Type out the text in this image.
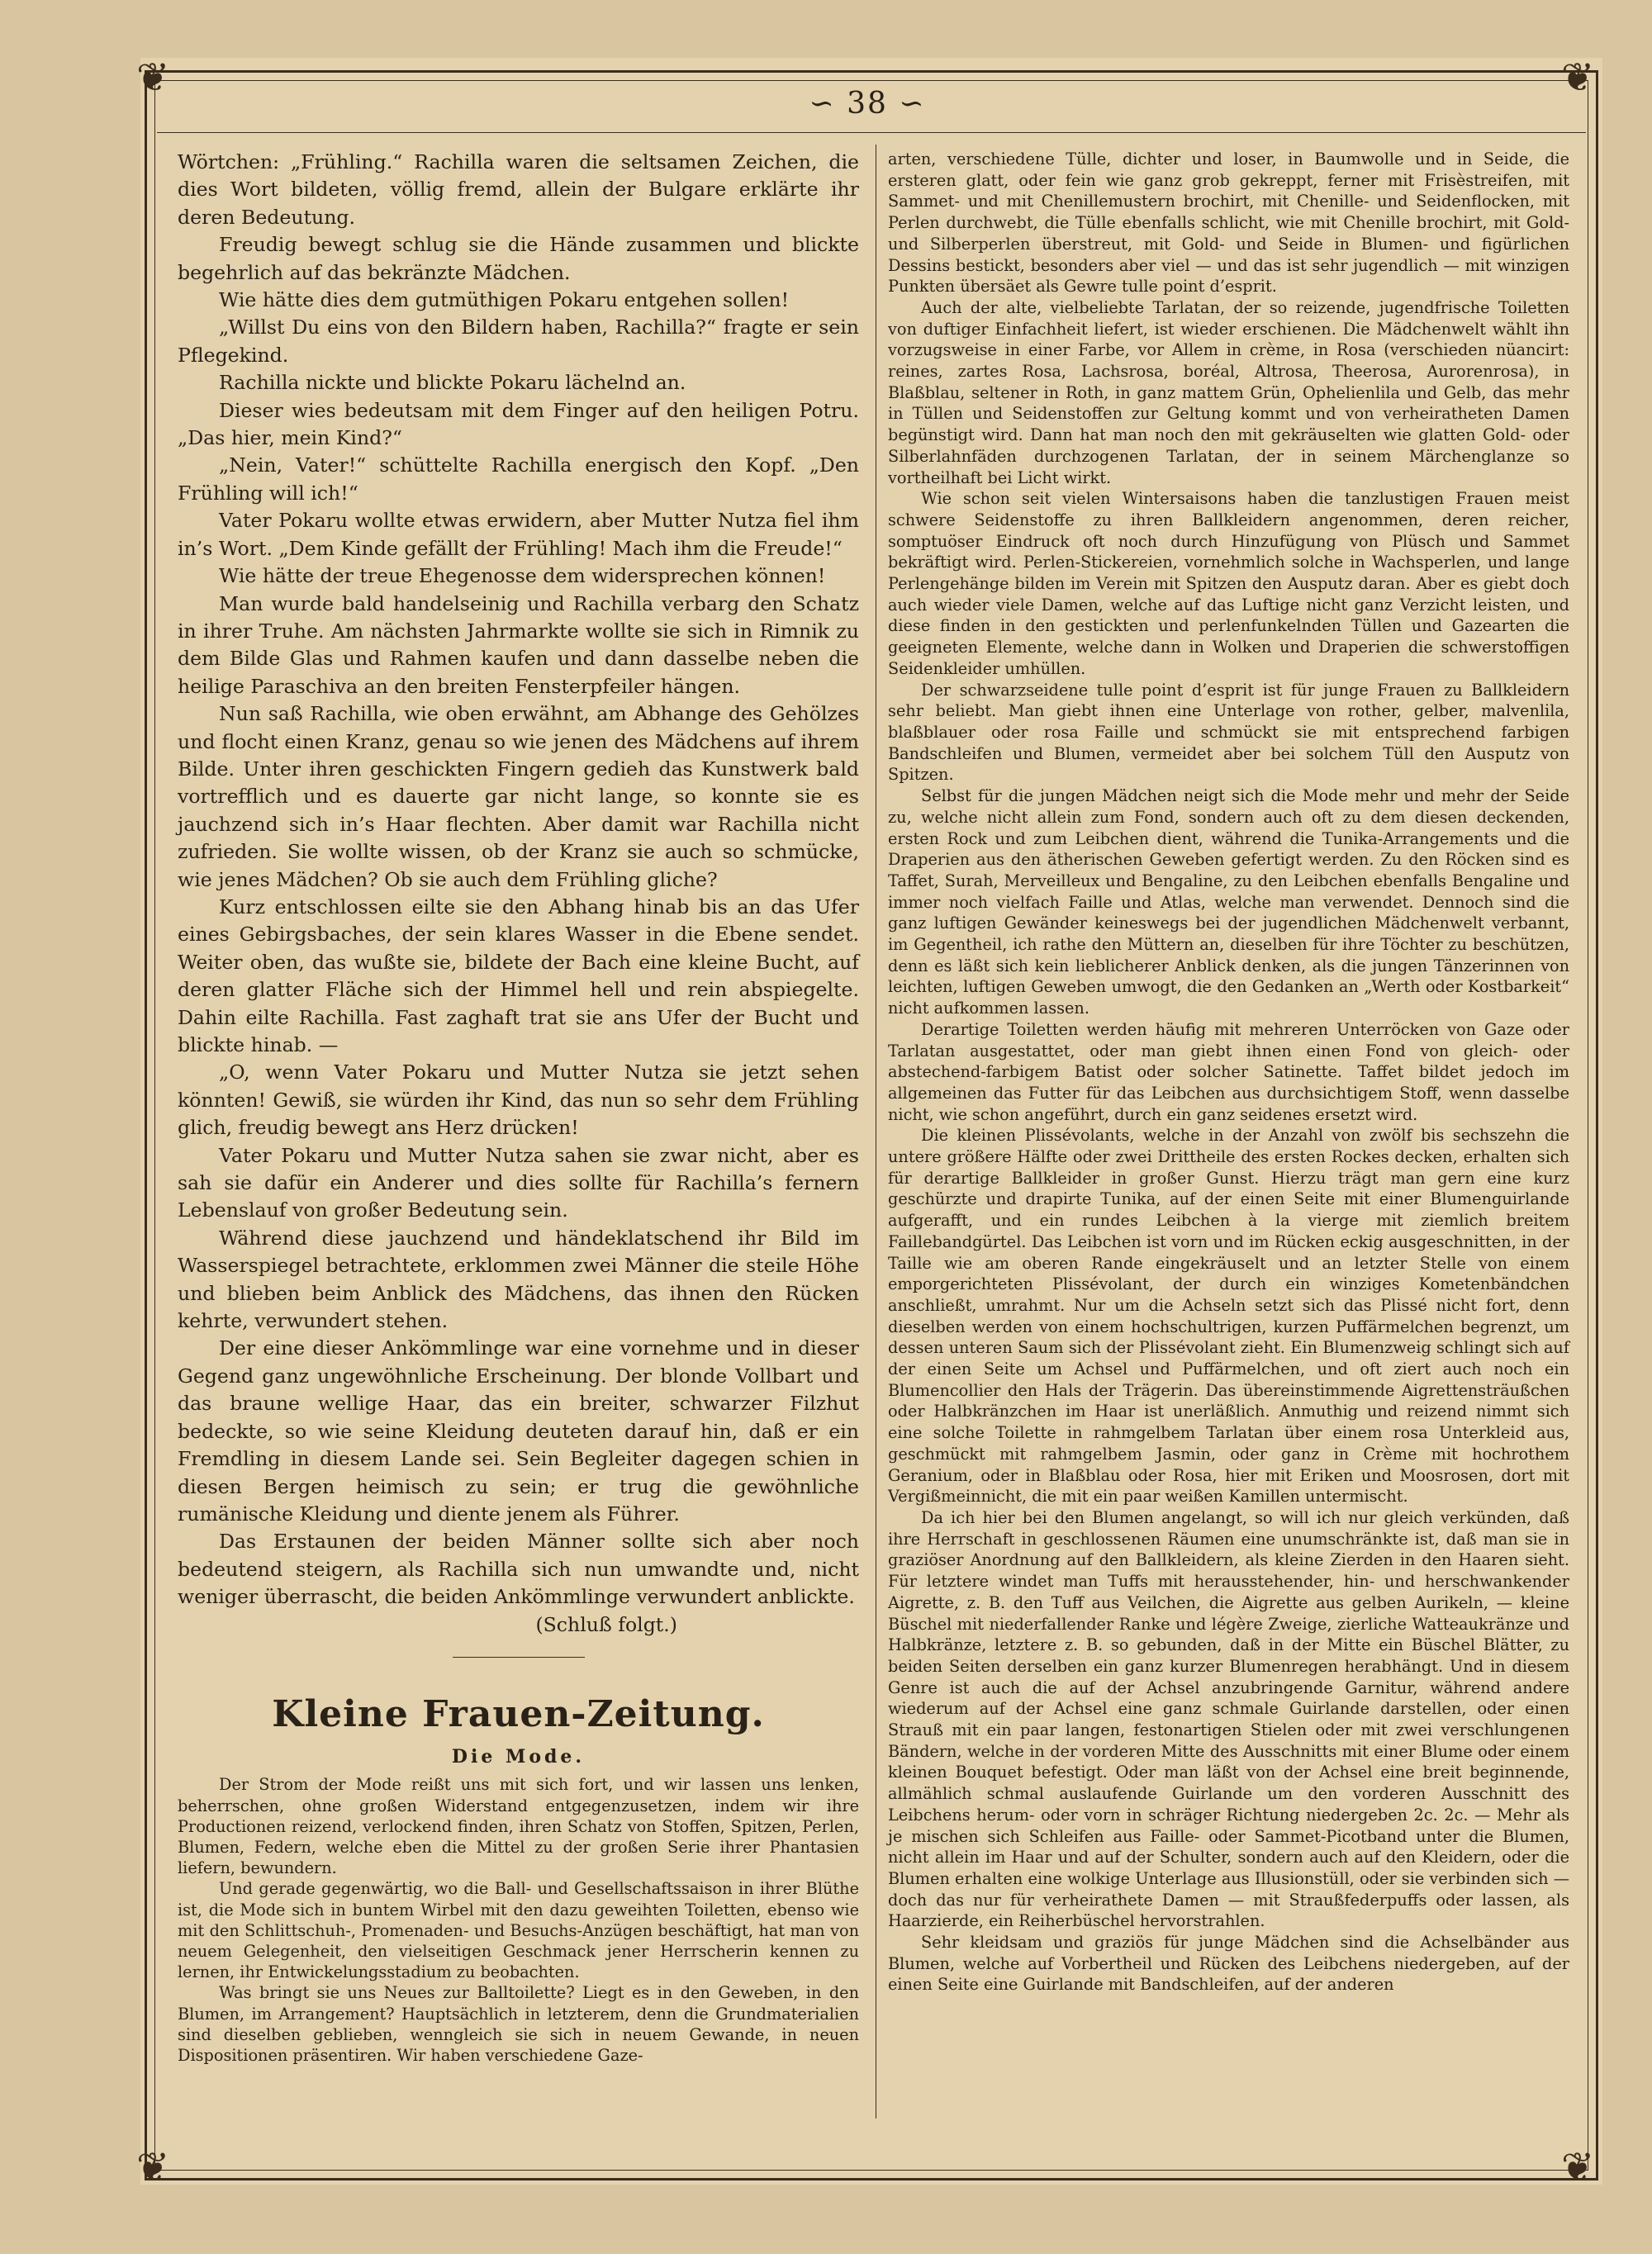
❦	❦
❦	❦
∽ 38 ∽

Wörtchen: „Frühling.“ Rachilla waren die seltsamen Zeichen, die dies Wort bildeten, völlig fremd, allein der Bulgare erklärte ihr deren Bedeutung.

Freudig bewegt schlug sie die Hände zusammen und blickte begehrlich auf das bekränzte Mädchen.

Wie hätte dies dem gutmüthigen Pokaru entgehen sollen!

„Willst Du eins von den Bildern haben, Rachilla?“ fragte er sein Pflegekind.

Rachilla nickte und blickte Pokaru lächelnd an.

Dieser wies bedeutsam mit dem Finger auf den heiligen Potru. „Das hier, mein Kind?“

„Nein, Vater!“ schüttelte Rachilla energisch den Kopf. „Den Frühling will ich!“

Vater Pokaru wollte etwas erwidern, aber Mutter Nutza fiel ihm in’s Wort. „Dem Kinde gefällt der Frühling! Mach ihm die Freude!“

Wie hätte der treue Ehegenosse dem widersprechen können!

Man wurde bald handelseinig und Rachilla verbarg den Schatz in ihrer Truhe. Am nächsten Jahrmarkte wollte sie sich in Rimnik zu dem Bilde Glas und Rahmen kaufen und dann dasselbe neben die heilige Paraschiva an den breiten Fensterpfeiler hängen.

Nun saß Rachilla, wie oben erwähnt, am Abhange des Gehölzes und flocht einen Kranz, genau so wie jenen des Mädchens auf ihrem Bilde. Unter ihren geschickten Fingern gedieh das Kunstwerk bald vortrefflich und es dauerte gar nicht lange, so konnte sie es jauchzend sich in’s Haar flechten. Aber damit war Rachilla nicht zufrieden. Sie wollte wissen, ob der Kranz sie auch so schmücke, wie jenes Mädchen? Ob sie auch dem Frühling gliche?

Kurz entschlossen eilte sie den Abhang hinab bis an das Ufer eines Gebirgsbaches, der sein klares Wasser in die Ebene sendet. Weiter oben, das wußte sie, bildete der Bach eine kleine Bucht, auf deren glatter Fläche sich der Himmel hell und rein abspiegelte. Dahin eilte Rachilla. Fast zaghaft trat sie ans Ufer der Bucht und blickte hinab. —

„O, wenn Vater Pokaru und Mutter Nutza sie jetzt sehen könnten! Gewiß, sie würden ihr Kind, das nun so sehr dem Frühling glich, freudig bewegt ans Herz drücken!

Vater Pokaru und Mutter Nutza sahen sie zwar nicht, aber es sah sie dafür ein Anderer und dies sollte für Rachilla’s fernern Lebenslauf von großer Bedeutung sein.

Während diese jauchzend und händeklatschend ihr Bild im Wasserspiegel betrachtete, erklommen zwei Männer die steile Höhe und blieben beim Anblick des Mädchens, das ihnen den Rücken kehrte, verwundert stehen.

Der eine dieser Ankömmlinge war eine vornehme und in dieser Gegend ganz ungewöhnliche Erscheinung. Der blonde Vollbart und das braune wellige Haar, das ein breiter, schwarzer Filzhut bedeckte, so wie seine Kleidung deuteten darauf hin, daß er ein Fremdling in diesem Lande sei. Sein Begleiter dagegen schien in diesen Bergen heimisch zu sein; er trug die gewöhnliche rumänische Kleidung und diente jenem als Führer.

Das Erstaunen der beiden Männer sollte sich aber noch bedeutend steigern, als Rachilla sich nun umwandte und, nicht weniger überrascht, die beiden Ankömmlinge verwundert anblickte.

(Schluß folgt.)

Kleine Frauen-Zeitung.
Die Mode.

Der Strom der Mode reißt uns mit sich fort, und wir lassen uns lenken, beherrschen, ohne großen Widerstand entgegenzusetzen, indem wir ihre Productionen reizend, verlockend finden, ihren Schatz von Stoffen, Spitzen, Perlen, Blumen, Federn, welche eben die Mittel zu der großen Serie ihrer Phantasien liefern, bewundern.

Und gerade gegenwärtig, wo die Ball- und Gesellschaftssaison in ihrer Blüthe ist, die Mode sich in buntem Wirbel mit den dazu geweihten Toiletten, ebenso wie mit den Schlittschuh-, Promenaden- und Besuchs-Anzügen beschäftigt, hat man von neuem Gelegenheit, den vielseitigen Geschmack jener Herrscherin kennen zu lernen, ihr Entwickelungsstadium zu beobachten.

Was bringt sie uns Neues zur Balltoilette? Liegt es in den Geweben, in den Blumen, im Arrangement? Hauptsächlich in letzterem, denn die Grundmaterialien sind dieselben geblieben, wenngleich sie sich in neuem Gewande, in neuen Dispositionen präsentiren. Wir haben verschiedene Gaze-

arten, verschiedene Tülle, dichter und loser, in Baumwolle und in Seide, die ersteren glatt, oder fein wie ganz grob gekreppt, ferner mit Frisèstreifen, mit Sammet- und mit Chenillemustern brochirt, mit Chenille- und Seidenflocken, mit Perlen durchwebt, die Tülle ebenfalls schlicht, wie mit Chenille brochirt, mit Gold- und Silberperlen überstreut, mit Gold- und Seide in Blumen- und figürlichen Dessins bestickt, besonders aber viel — und das ist sehr jugendlich — mit winzigen Punkten übersäet als Gewre tulle point d’esprit.

Auch der alte, vielbeliebte Tarlatan, der so reizende, jugendfrische Toiletten von duftiger Einfachheit liefert, ist wieder erschienen. Die Mädchenwelt wählt ihn vorzugsweise in einer Farbe, vor Allem in crème, in Rosa (verschieden nüancirt: reines, zartes Rosa, Lachsrosa, boréal, Altrosa, Theerosa, Aurorenrosa), in Blaßblau, seltener in Roth, in ganz mattem Grün, Ophelienlila und Gelb, das mehr in Tüllen und Seidenstoffen zur Geltung kommt und von verheiratheten Damen begünstigt wird. Dann hat man noch den mit gekräuselten wie glatten Gold- oder Silberlahnfäden durchzogenen Tarlatan, der in seinem Märchenglanze so vortheilhaft bei Licht wirkt.

Wie schon seit vielen Wintersaisons haben die tanzlustigen Frauen meist schwere Seidenstoffe zu ihren Ballkleidern angenommen, deren reicher, somptuöser Eindruck oft noch durch Hinzufügung von Plüsch und Sammet bekräftigt wird. Perlen-Stickereien, vornehmlich solche in Wachsperlen, und lange Perlengehänge bilden im Verein mit Spitzen den Ausputz daran. Aber es giebt doch auch wieder viele Damen, welche auf das Luftige nicht ganz Verzicht leisten, und diese finden in den gestickten und perlenfunkelnden Tüllen und Gazearten die geeigneten Elemente, welche dann in Wolken und Draperien die schwerstoffigen Seidenkleider umhüllen.

Der schwarzseidene tulle point d’esprit ist für junge Frauen zu Ballkleidern sehr beliebt. Man giebt ihnen eine Unterlage von rother, gelber, malvenlila, blaßblauer oder rosa Faille und schmückt sie mit entsprechend farbigen Bandschleifen und Blumen, vermeidet aber bei solchem Tüll den Ausputz von Spitzen.

Selbst für die jungen Mädchen neigt sich die Mode mehr und mehr der Seide zu, welche nicht allein zum Fond, sondern auch oft zu dem diesen deckenden, ersten Rock und zum Leibchen dient, während die Tunika-Arrangements und die Draperien aus den ätherischen Geweben gefertigt werden. Zu den Röcken sind es Taffet, Surah, Merveilleux und Bengaline, zu den Leibchen ebenfalls Bengaline und immer noch vielfach Faille und Atlas, welche man verwendet. Dennoch sind die ganz luftigen Gewänder keineswegs bei der jugendlichen Mädchenwelt verbannt, im Gegentheil, ich rathe den Müttern an, dieselben für ihre Töchter zu beschützen, denn es läßt sich kein lieblicherer Anblick denken, als die jungen Tänzerinnen von leichten, luftigen Geweben umwogt, die den Gedanken an „Werth oder Kostbarkeit“ nicht aufkommen lassen.

Derartige Toiletten werden häufig mit mehreren Unterröcken von Gaze oder Tarlatan ausgestattet, oder man giebt ihnen einen Fond von gleich- oder abstechend-farbigem Batist oder solcher Satinette. Taffet bildet jedoch im allgemeinen das Futter für das Leibchen aus durchsichtigem Stoff, wenn dasselbe nicht, wie schon angeführt, durch ein ganz seidenes ersetzt wird.

Die kleinen Plissévolants, welche in der Anzahl von zwölf bis sechszehn die untere größere Hälfte oder zwei Drittheile des ersten Rockes decken, erhalten sich für derartige Ballkleider in großer Gunst. Hierzu trägt man gern eine kurz geschürzte und drapirte Tunika, auf der einen Seite mit einer Blumenguirlande aufgerafft, und ein rundes Leibchen à la vierge mit ziemlich breitem Faillebandgürtel. Das Leibchen ist vorn und im Rücken eckig ausgeschnitten, in der Taille wie am oberen Rande eingekräuselt und an letzter Stelle von einem emporgerichteten Plissévolant, der durch ein winziges Kometenbändchen anschließt, umrahmt. Nur um die Achseln setzt sich das Plissé nicht fort, denn dieselben werden von einem hochschultrigen, kurzen Puffärmelchen begrenzt, um dessen unteren Saum sich der Plissévolant zieht. Ein Blumenzweig schlingt sich auf der einen Seite um Achsel und Puffärmelchen, und oft ziert auch noch ein Blumencollier den Hals der Trägerin. Das übereinstimmende Aigrettensträußchen oder Halbkränzchen im Haar ist unerläßlich. Anmuthig und reizend nimmt sich eine solche Toilette in rahmgelbem Tarlatan über einem rosa Unterkleid aus, geschmückt mit rahmgelbem Jasmin, oder ganz in Crème mit hochrothem Geranium, oder in Blaßblau oder Rosa, hier mit Eriken und Moosrosen, dort mit Vergißmeinnicht, die mit ein paar weißen Kamillen untermischt.

Da ich hier bei den Blumen angelangt, so will ich nur gleich verkünden, daß ihre Herrschaft in geschlossenen Räumen eine unumschränkte ist, daß man sie in graziöser Anordnung auf den Ballkleidern, als kleine Zierden in den Haaren sieht. Für letztere windet man Tuffs mit herausstehender, hin- und herschwankender Aigrette, z. B. den Tuff aus Veilchen, die Aigrette aus gelben Aurikeln, — kleine Büschel mit niederfallender Ranke und légère Zweige, zierliche Watteaukränze und Halbkränze, letztere z. B. so gebunden, daß in der Mitte ein Büschel Blätter, zu beiden Seiten derselben ein ganz kurzer Blumenregen herabhängt. Und in diesem Genre ist auch die auf der Achsel anzubringende Garnitur, während andere wiederum auf der Achsel eine ganz schmale Guirlande darstellen, oder einen Strauß mit ein paar langen, festonartigen Stielen oder mit zwei verschlungenen Bändern, welche in der vorderen Mitte des Ausschnitts mit einer Blume oder einem kleinen Bouquet befestigt. Oder man läßt von der Achsel eine breit beginnende, allmählich schmal auslaufende Guirlande um den vorderen Ausschnitt des Leibchens herum- oder vorn in schräger Richtung niedergeben 2c. 2c. — Mehr als je mischen sich Schleifen aus Faille- oder Sammet-Picotband unter die Blumen, nicht allein im Haar und auf der Schulter, sondern auch auf den Kleidern, oder die Blumen erhalten eine wolkige Unterlage aus Illusionstüll, oder sie verbinden sich — doch das nur für verheirathete Damen — mit Straußfederpuffs oder lassen, als Haarzierde, ein Reiherbüschel hervorstrahlen.

Sehr kleidsam und graziös für junge Mädchen sind die Achselbänder aus Blumen, welche auf Vorbertheil und Rücken des Leibchens niedergeben, auf der einen Seite eine Guirlande mit Bandschleifen, auf der anderen
